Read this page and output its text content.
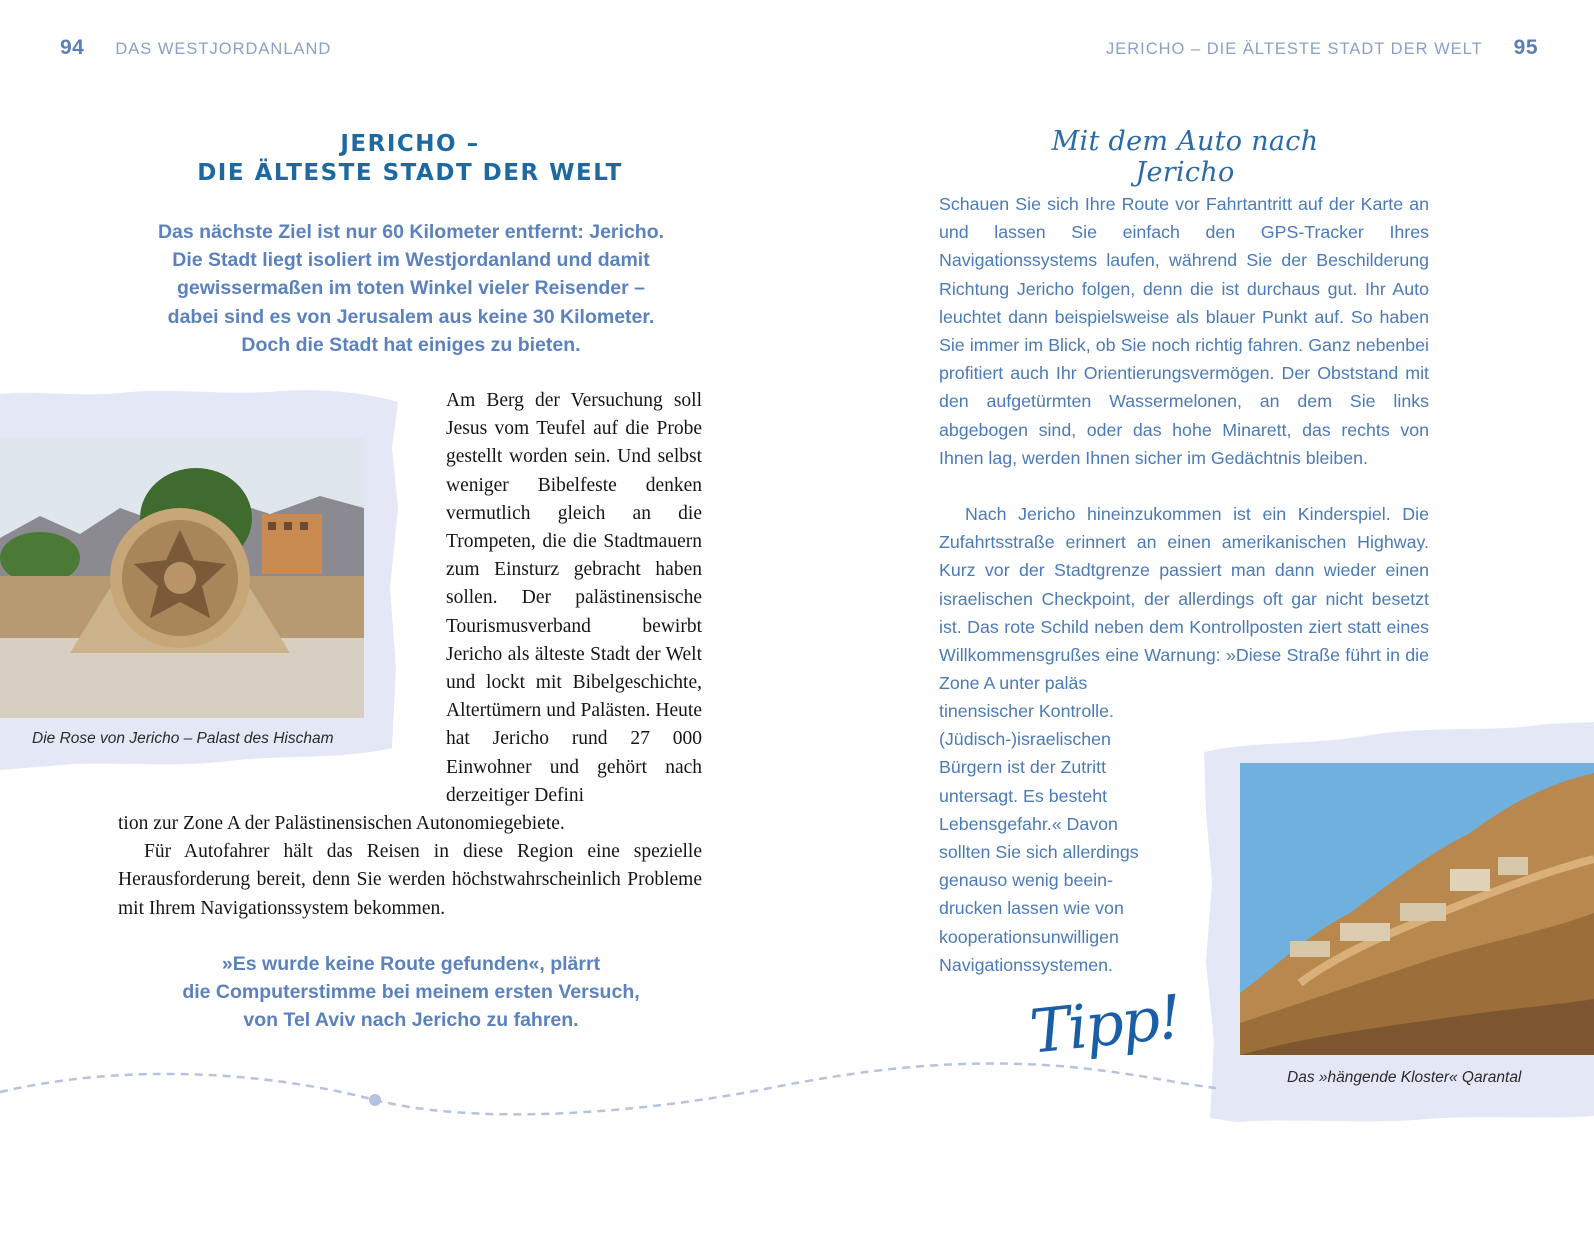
94 DAS WESTJORDANLAND	JERICHO – DIE ÄLTESTE STADT DER WELT 95
JERICHO –
DIE ÄLTESTE STADT DER WELT
Das nächste Ziel ist nur 60 Kilometer entfernt: Jericho.
Die Stadt liegt isoliert im Westjordanland und damit
gewissermaßen im toten Winkel vieler Reisender –
dabei sind es von Jerusalem aus keine 30 Kilometer.
Doch die Stadt hat einiges zu bieten.
Die Rose von Jericho – Palast des Hischam
Am Berg der Versuchung soll Jesus vom Teufel auf die Probe gestellt worden sein. Und selbst weniger Bibelfeste denken vermutlich gleich an die Trompeten, die die Stadtmauern zum Einsturz gebracht haben sollen. Der palästinensische Tourismusverband bewirbt Jericho als älteste Stadt der Welt und lockt mit Bibelgeschichte, Altertümern und Palästen. Heute hat Jericho rund 27 000 Einwohner und gehört nach derzeitiger Defini
tion zur Zone A der Palästinensischen Autonomiegebiete.
Für Autofahrer hält das Reisen in diese Region eine spezielle Herausforderung bereit, denn Sie werden höchstwahrscheinlich Probleme mit Ihrem Navigationssystem bekommen.
»Es wurde keine Route gefunden«, plärrt
die Computerstimme bei meinem ersten Versuch,
von Tel Aviv nach Jericho zu fahren.
Mit dem Auto nach Jericho
Schauen Sie sich Ihre Route vor Fahrtantritt auf der Karte an und lassen Sie einfach den GPS-Tracker Ihres Navigationssystems laufen, während Sie der Beschilderung Richtung Jericho folgen, denn die ist durchaus gut. Ihr Auto leuchtet dann beispielsweise als blauer Punkt auf. So haben Sie immer im Blick, ob Sie noch richtig fahren. Ganz nebenbei profitiert auch Ihr Orientierungsvermögen. Der Obststand mit den aufgetürmten Wassermelonen, an dem Sie links abgebogen sind, oder das hohe Minarett, das rechts von Ihnen lag, werden Ihnen sicher im Gedächtnis bleiben.
Nach Jericho hineinzukommen ist ein Kinderspiel. Die Zufahrtsstraße erinnert an einen amerikanischen Highway. Kurz vor der Stadtgrenze passiert man dann wieder einen israelischen Checkpoint, der allerdings oft gar nicht besetzt ist. Das rote Schild neben dem Kontrollposten ziert statt eines Willkommensgrußes eine Warnung: »Diese Straße führt in die Zone A unter paläs
tinensischer Kontrolle. (Jüdisch-)israelischen Bürgern ist der Zutritt untersagt. Es besteht Lebensgefahr.« Davon sollten Sie sich allerdings genauso wenig beeindrucken lassen wie von kooperationsunwilligen Navigationssystemen.
Das »hängende Kloster« Qarantal
Tipp!
